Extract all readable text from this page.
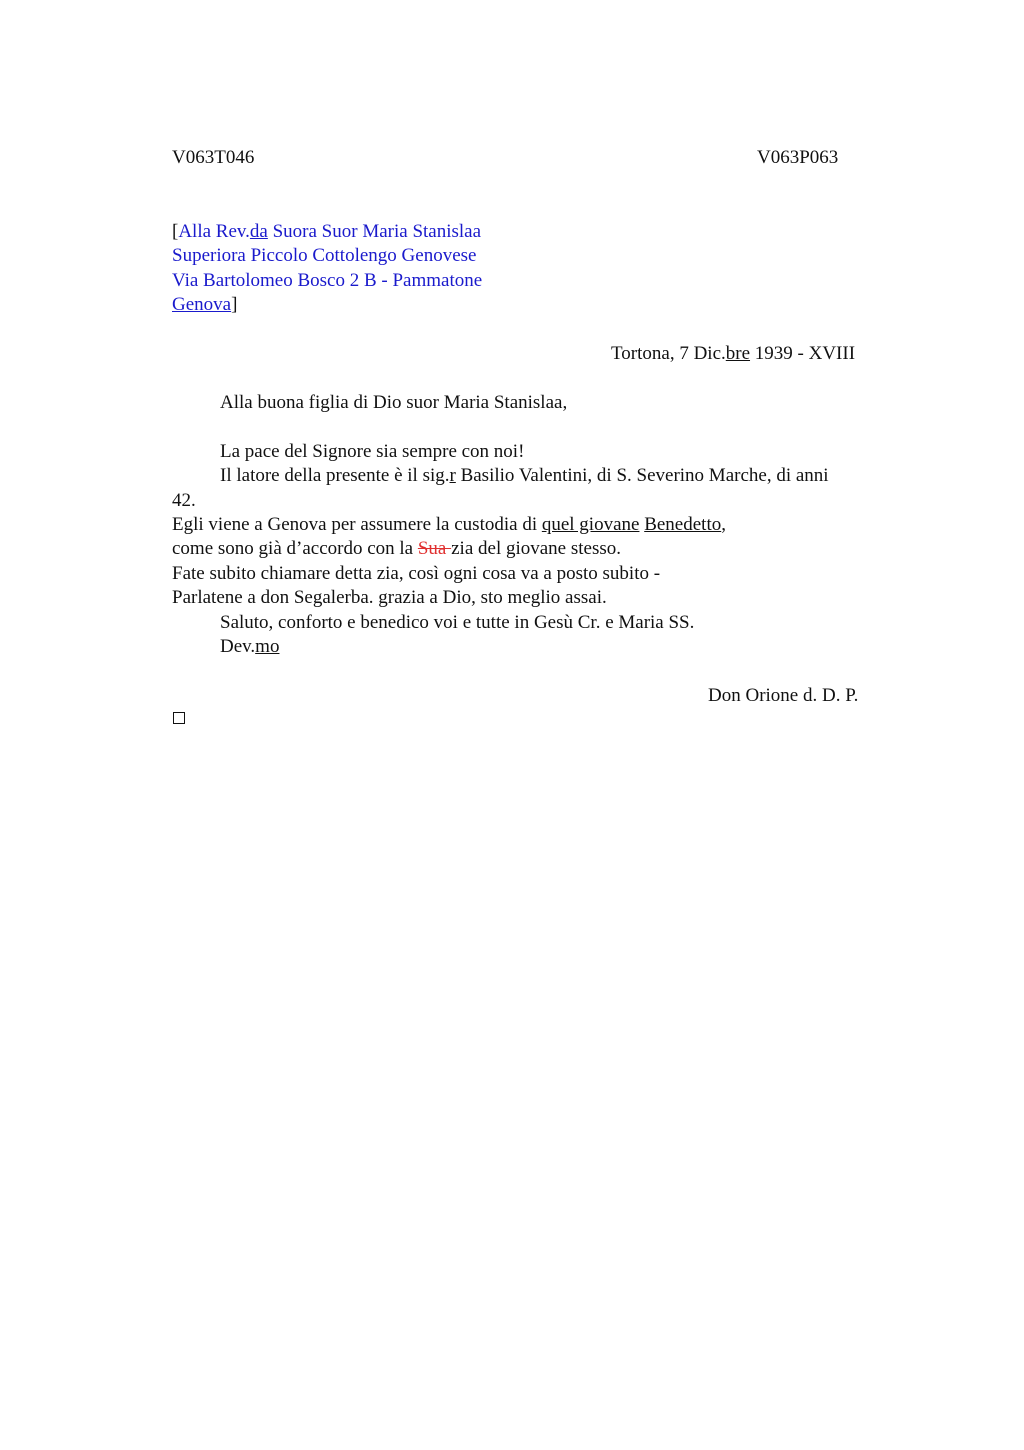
V063T046	V063P063
[Alla Rev.da Suora Suor Maria Stanislaa
Superiora Piccolo Cottolengo Genovese
Via Bartolomeo Bosco 2 B - Pammatone
Genova]
Tortona, 7 Dic.bre 1939 - XVIII
Alla buona figlia di Dio suor Maria Stanislaa,
La pace del Signore sia sempre con noi!
Il latore della presente è il sig.r Basilio Valentini, di S. Severino Marche, di anni
42.
Egli viene a Genova per assumere la custodia di quel giovane Benedetto,
come sono già d’accordo con la Sua zia del giovane stesso.
Fate subito chiamare detta zia, così ogni cosa va a posto subito -
Parlatene a don Segalerba. grazia a Dio, sto meglio assai.
Saluto, conforto e benedico voi e tutte in Gesù Cr. e Maria SS.
Dev.mo
Don Orione d. D. P.
